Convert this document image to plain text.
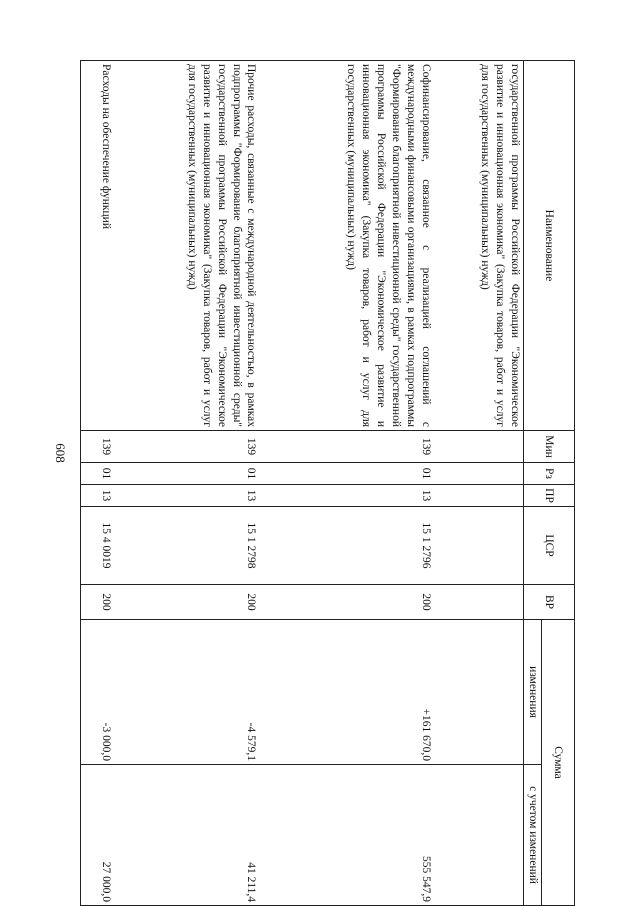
608
Наименование	Мин	Рз	ПР	ЦСР	ВР	Сумма	
						изменения	с учетом изменений
государственной программы Российской Федерации "Экономическое развитие и инновационная экономика" (Закупка товаров, работ и услуг для государственных (муниципальных) нужд)							
Софинансирование, связанное с реализацией соглашений с международными финансовыми организациями, в рамках подпрограммы "Формирование благоприятной инвестиционной среды" государственной программы Российской Федерации "Экономическое развитие и инновационная экономика" (Закупка товаров, работ и услуг для государственных (муниципальных) нужд)	139	01	13	15 1 2796	200	+161 670,0	555 547,9
Прочие расходы, связанные с международной деятельностью, в рамках подпрограммы "Формирование благоприятной инвестиционной среды" государственной программы Российской Федерации "Экономическое развитие и инновационная экономика" (Закупка товаров, работ и услуг для государственных (муниципальных) нужд)	139	01	13	15 1 2798	200	-4 579,1	41 211,4
Расходы на обеспечение функций	139	01	13	15 4 0019	200	-3 000,0	27 000,0
